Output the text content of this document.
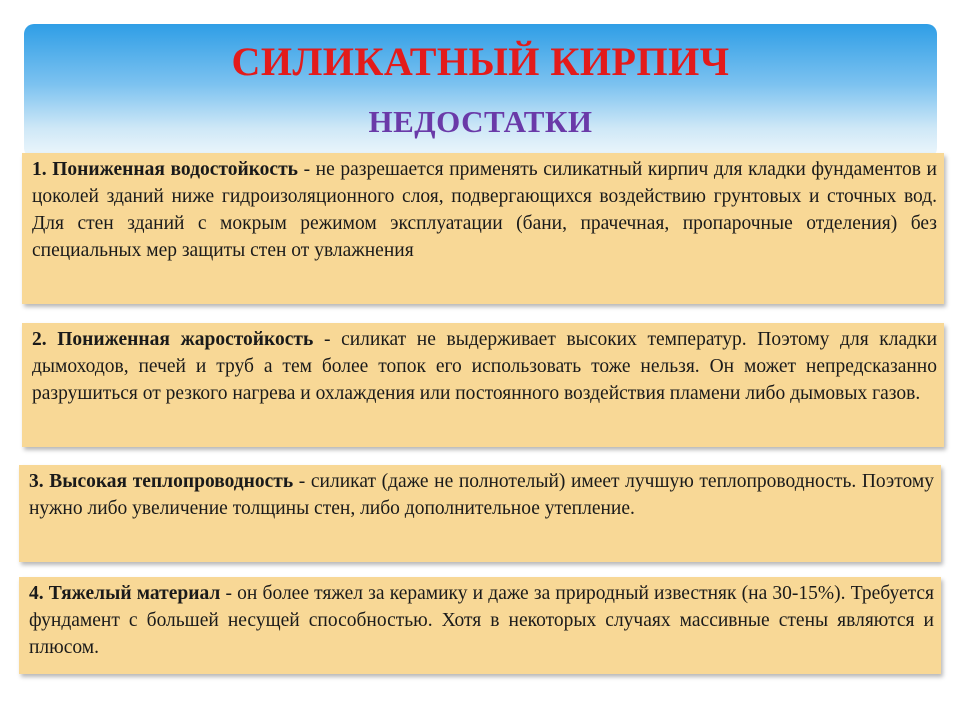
СИЛИКАТНЫЙ КИРПИЧ
НЕДОСТАТКИ
1. Пониженная водостойкость - не разрешается применять силикатный кирпич для кладки фундаментов и цоколей зданий ниже гидроизоляционного слоя, подвергающихся воздействию грунтовых и сточных вод. Для стен зданий с мокрым режимом эксплуатации (бани, прачечная, пропарочные отделения) без специальных мер защиты стен от увлажнения
2. Пониженная жаростойкость - силикат не выдерживает высоких температур. Поэтому для кладки дымоходов, печей и труб а тем более топок его использовать тоже нельзя. Он может непредсказанно разрушиться от резкого нагрева и охлаждения или постоянного воздействия пламени либо дымовых газов.
3. Высокая теплопроводность - силикат (даже не полнотелый) имеет лучшую теплопроводность. Поэтому нужно либо увеличение толщины стен, либо дополнительное утепление.
4. Тяжелый материал - он более тяжел за керамику и даже за природный известняк (на 30-15%). Требуется фундамент с большей несущей способностью. Хотя в некоторых случаях массивные стены являются и плюсом.
